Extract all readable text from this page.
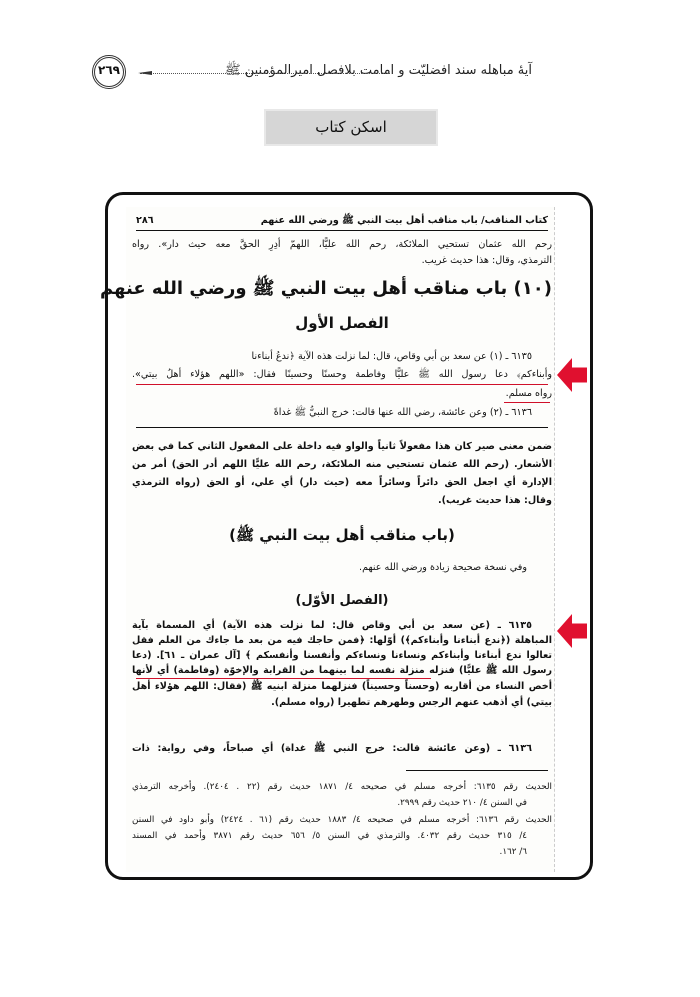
آيۀ مباهله سند افضليّت و امامت بلافصل اميرالمؤمنين ﷺ
٢٦٩
اسکن کتاب
كتاب المناقب/ باب مناقب أهل بيت النبي ﷺ ورضي الله عنهم
٢٨٦
رحم الله عثمان تستحيي الملائكة، رحم الله عليًّا، اللهمّ أدِرِ الحقَّ معه حيث دار». رواه
الترمذي، وقال: هذا حديث غريب.
(١٠) باب مناقب أهل بيت النبي ﷺ ورضي الله عنهم
الفصل الأول
٦١٣٥ ـ (١) عن سعد بن أبي وقاص، قال: لما نزلت هذه الآية ﴿ندعُ أبناءنا
وأبناءكم﴾ دعا رسول الله ﷺ عليًّا وفاطمة وحسنًا وحسينًا فقال: «اللهم هؤلاء أهلُ بيتي».
رواه مسلم.
٦١٣٦ ـ (٢) وعن عائشة، رضي الله عنها قالت: خرج النبيُّ ﷺ غداةً
ضمن معنى صير كان هذا مفعولاً ثانياً والواو فيه داخلة على المفعول الثاني كما في بعض
الأشعار. (رحم الله عثمان تستحيي منه الملائكة، رحم الله عليًّا اللهم أدر الحق) أمر من
الإدارة أي اجعل الحق دائراً وسائراً معه (حيث دار) أي علي، أو الحق (رواه الترمذي
وقال: هذا حديث غريب).
(باب مناقب أهل بيت النبي ﷺ)
وفي نسخة صحيحة زيادة ورضي الله عنهم.
(الفصل الأوّل)
٦١٣٥ ـ (عن سعد بن أبي وقاص قال: لما نزلت هذه الآية) أي المسماة بآية
المباهلة (﴿ندع أبناءنا وأبناءكم﴾) أوّلها: ﴿فمن حاجك فيه من بعد ما جاءك من العلم فقل
تعالوا ندع أبناءنا وأبناءكم ونساءنا ونساءكم وأنفسنا وأنفسكم ﴾ [آل عمران ـ ٦١]. (دعا
رسول الله ﷺ عليًّا) فنزله منزلة نفسه لما بينهما من القرابة والإخوّة (وفاطمة) أي لأنها
أخص النساء من أقاربه (وحسناً وحسيناً) فنزلهما منزلة ابنيه ﷺ (فقال: اللهم هؤلاء أهل
بيتي) أي أذهب عنهم الرجس وطهرهم تطهيرا (رواه مسلم).
٦١٣٦ ـ (وعن عائشة قالت: خرج النبي ﷺ غداة) أي صباحاً، وفي رواية: ذات
الحديث رقم ٦١٣٥: أخرجه مسلم في صحيحه ٤/ ١٨٧١ حديث رقم (٢٢ . ٢٤٠٤). وأخرجه الترمذي
في السنن ٤/ ٢١٠ حديث رقم ٢٩٩٩.
الحديث رقم ٦١٣٦: أخرجه مسلم في صحيحه ٤/ ١٨٨٣ حديث رقم (٦١ . ٢٤٢٤) وأبو داود في السنن
٤/ ٣١٥ حديث رقم ٤٠٣٢. والترمذي في السنن ٥/ ٦٥٦ حديث رقم ٣٨٧١ وأحمد في المسند
٦/ ١٦٢.
